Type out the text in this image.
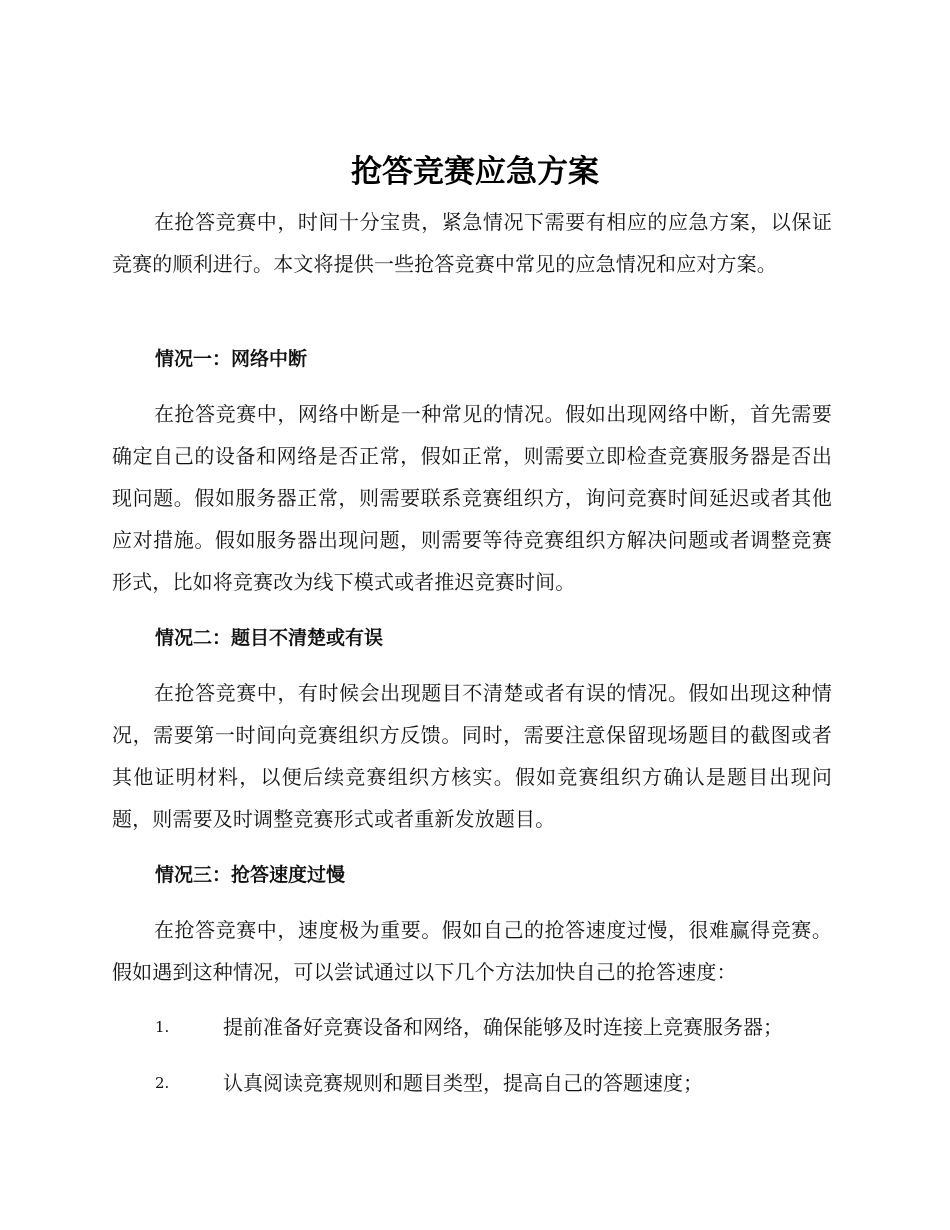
抢答竞赛应急方案

在抢答竞赛中，时间十分宝贵，紧急情况下需要有相应的应急方案，以保证竞赛的顺利进行。本文将提供一些抢答竞赛中常见的应急情况和应对方案。

情况一：网络中断

在抢答竞赛中，网络中断是一种常见的情况。假如出现网络中断，首先需要确定自己的设备和网络是否正常，假如正常，则需要立即检查竞赛服务器是否出现问题。假如服务器正常，则需要联系竞赛组织方，询问竞赛时间延迟或者其他应对措施。假如服务器出现问题，则需要等待竞赛组织方解决问题或者调整竞赛形式，比如将竞赛改为线下模式或者推迟竞赛时间。

情况二：题目不清楚或有误

在抢答竞赛中，有时候会出现题目不清楚或者有误的情况。假如出现这种情况，需要第一时间向竞赛组织方反馈。同时，需要注意保留现场题目的截图或者其他证明材料，以便后续竞赛组织方核实。假如竞赛组织方确认是题目出现问题，则需要及时调整竞赛形式或者重新发放题目。

情况三：抢答速度过慢

在抢答竞赛中，速度极为重要。假如自己的抢答速度过慢，很难赢得竞赛。假如遇到这种情况，可以尝试通过以下几个方法加快自己的抢答速度：

1.	提前准备好竞赛设备和网络，确保能够及时连接上竞赛服务器；
2.	认真阅读竞赛规则和题目类型，提高自己的答题速度；
